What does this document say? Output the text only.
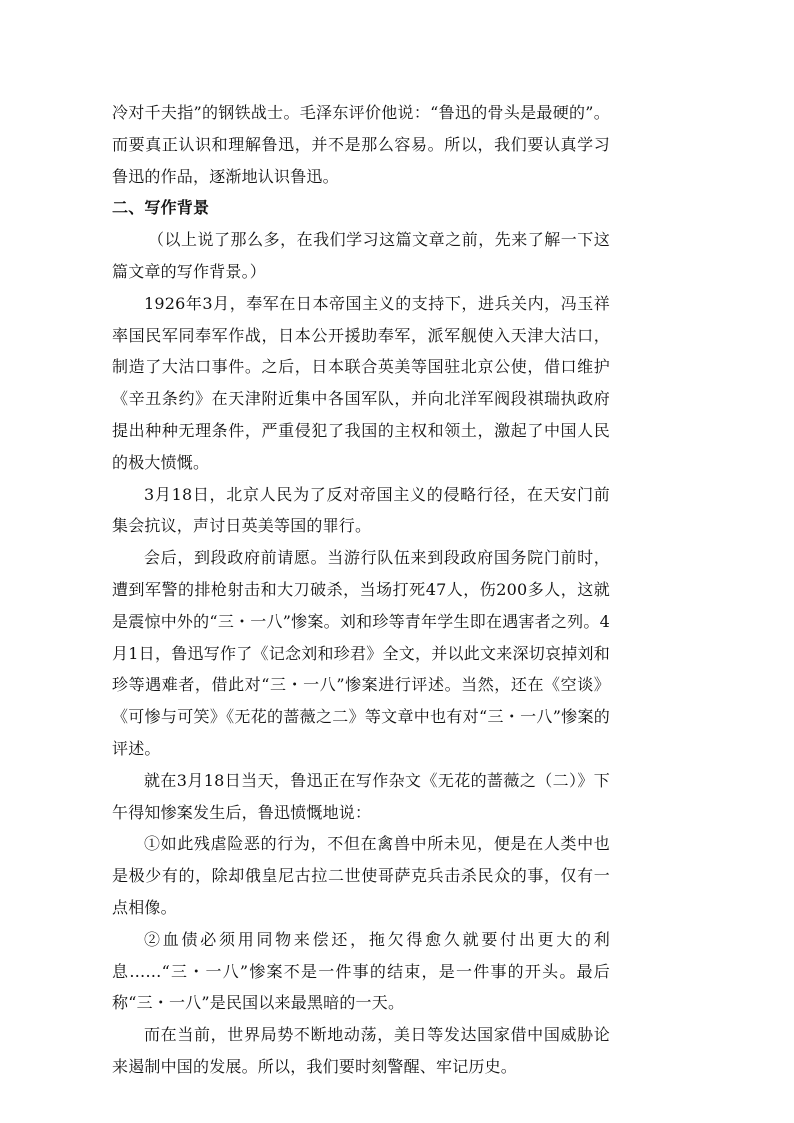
冷对千夫指”的钢铁战士。毛泽东评价他说：“鲁迅的骨头是最硬的”。而要真正认识和理解鲁迅，并不是那么容易。所以，我们要认真学习鲁迅的作品，逐渐地认识鲁迅。

二、写作背景

（以上说了那么多，在我们学习这篇文章之前，先来了解一下这篇文章的写作背景。）

1926年3月，奉军在日本帝国主义的支持下，进兵关内，冯玉祥率国民军同奉军作战，日本公开援助奉军，派军舰使入天津大沽口，制造了大沽口事件。之后，日本联合英美等国驻北京公使，借口维护《辛丑条约》在天津附近集中各国军队，并向北洋军阀段祺瑞执政府提出种种无理条件，严重侵犯了我国的主权和领土，激起了中国人民的极大愤慨。

3月18日，北京人民为了反对帝国主义的侵略行径，在天安门前集会抗议，声讨日英美等国的罪行。

会后，到段政府前请愿。当游行队伍来到段政府国务院门前时，遭到军警的排枪射击和大刀破杀，当场打死47人，伤200多人，这就是震惊中外的“三・一八”惨案。刘和珍等青年学生即在遇害者之列。4月1日，鲁迅写作了《记念刘和珍君》全文，并以此文来深切哀掉刘和珍等遇难者，借此对“三・一八”惨案进行评述。当然，还在《空谈》《可惨与可笑》《无花的蔷薇之二》等文章中也有对“三・一八”惨案的评述。

就在3月18日当天，鲁迅正在写作杂文《无花的蔷薇之（二）》下午得知惨案发生后，鲁迅愤慨地说：

①如此残虐险恶的行为，不但在禽兽中所未见，便是在人类中也是极少有的，除却俄皇尼古拉二世使哥萨克兵击杀民众的事，仅有一点相像。

②血债必须用同物来偿还，拖欠得愈久就要付出更大的利息……“三・一八”惨案不是一件事的结束，是一件事的开头。最后称“三・一八”是民国以来最黑暗的一天。

而在当前，世界局势不断地动荡，美日等发达国家借中国威胁论来遏制中国的发展。所以，我们要时刻警醒、牢记历史。
